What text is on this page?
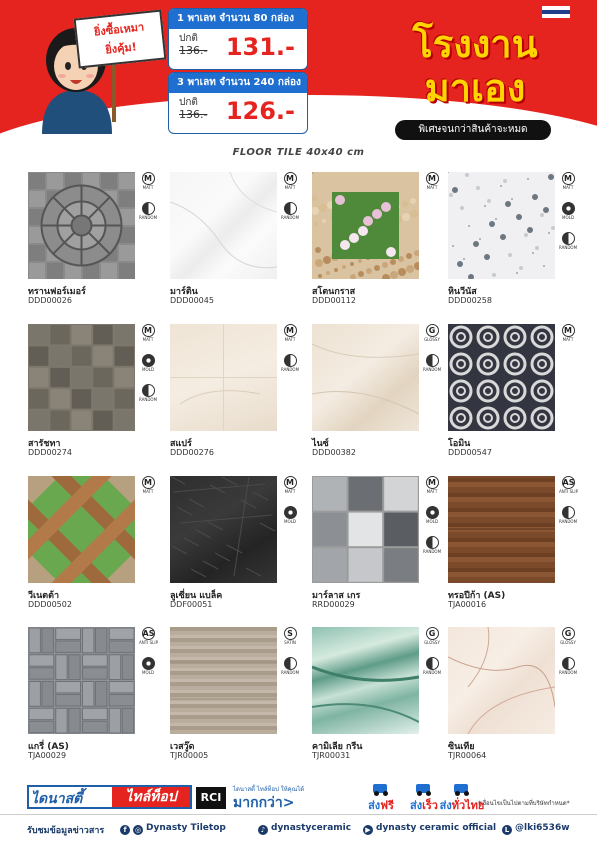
ยิ่งซื้อเหมา
ยิ่งคุ้ม!
1 พาเลท จำนวน 80 กล่อง
ปกติ
136.- 131.-
3 พาเลท จำนวน 240 กล่อง
ปกติ
136.- 126.-
โรงงาน
มาเอง
พิเศษจนกว่าสินค้าจะหมด
FLOOR TILE 40x40 cm
M
MATT
RANDOM
ทรานฟอร์เมอร์
DDD00026
M
MATT
RANDOM
มาร์ติน
DDD00045
M
MATT
สโตนกราส
DDD00112
M
MATT
MOLD
RANDOM
หินวีนัส
DDD00258
M
MATT
MOLD
RANDOM
สารัชทา
DDD00274
M
MATT
RANDOM
สแปร์
DDD00276
G
GLOSSY
RANDOM
ไนซ์
DDD00382
M
MATT
โอมิน
DDD00547
M
MATT
วีเนตต้า
DDD00502
M
MATT
MOLD
ลูเซี่ยน แบล็ค
DDF00051
M
MATT
MOLD
RANDOM
มาร์ลาส เกร
RRD00029
AS
ANTI SLIP
RANDOM
ทรอปีก้า (AS)
TJA00016
AS
ANTI SLIP
MOLD
แกรี่ (AS)
TJA00029
S
SATIN
RANDOM
เวสวู๊ด
TJR00005
G
GLOSSY
RANDOM
คามิเลีย กรีน
TJR00031
G
GLOSSY
RANDOM
ซินเทีย
TJR00064
ไดนาสตี้	ไทล์ท็อป	RCI
ไดนาสตี้ ไทล์ท็อป ให้คุณได้
มากกว่า>	ส่งฟรี	ส่งเร็ว ส่งทั่วไทย
*เงื่อนไขเป็นไปตามที่บริษัทกำหนด*
รับชมข้อมูลข่าวสาร	f ◎ Dynasty Tiletop	♪ dynastyceramic	▶ dynasty ceramic official	L @lki6536w
